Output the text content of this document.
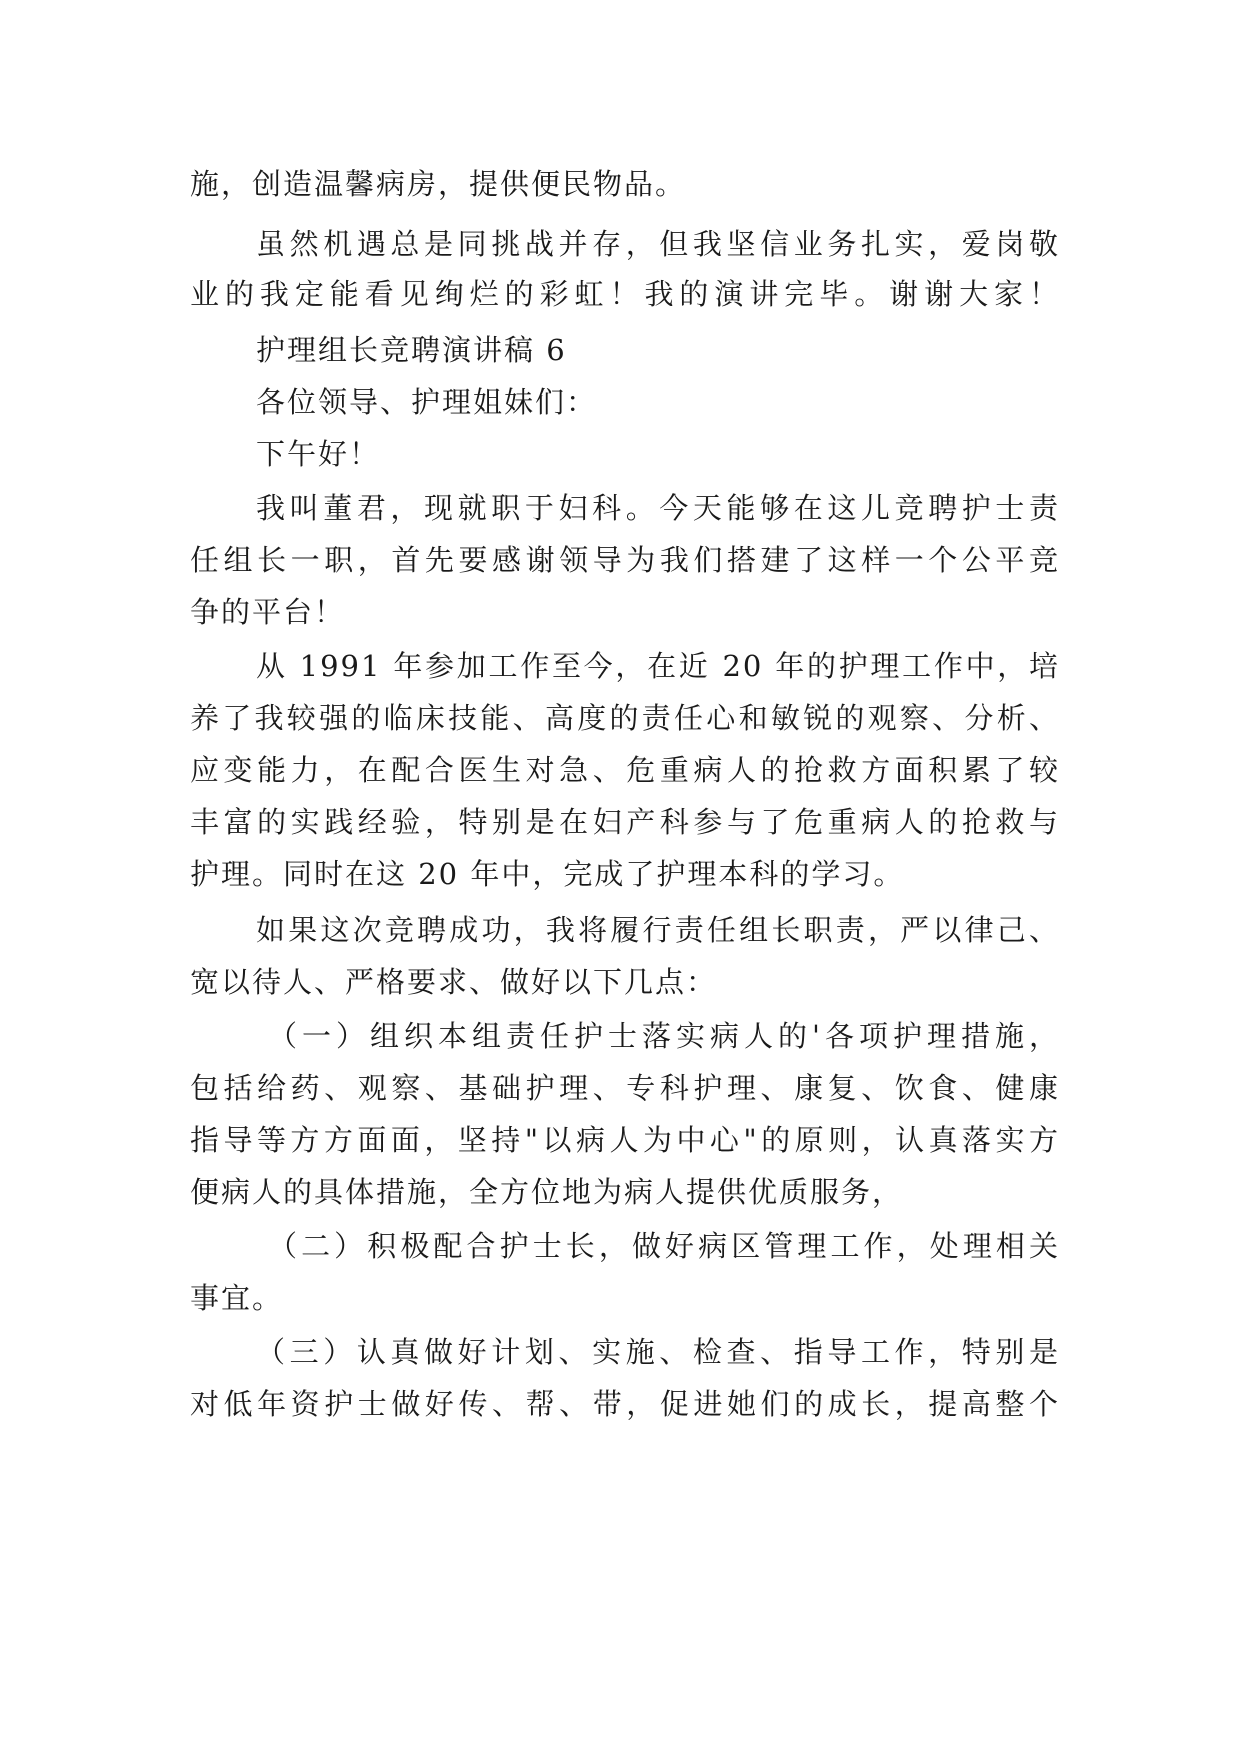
施，创造温馨病房，提供便民物品。
虽然机遇总是同挑战并存，但我坚信业务扎实，爱岗敬
业的我定能看见绚烂的彩虹！我的演讲完毕。谢谢大家！
护理组长竞聘演讲稿 6
各位领导、护理姐妹们：
下午好！
我叫董君，现就职于妇科。今天能够在这儿竞聘护士责
任组长一职，首先要感谢领导为我们搭建了这样一个公平竞
争的平台！
从 1991 年参加工作至今，在近 20 年的护理工作中，培
养了我较强的临床技能、高度的责任心和敏锐的观察、分析、
应变能力，在配合医生对急、危重病人的抢救方面积累了较
丰富的实践经验，特别是在妇产科参与了危重病人的抢救与
护理。同时在这 20 年中，完成了护理本科的学习。
如果这次竞聘成功，我将履行责任组长职责，严以律己、
宽以待人、严格要求、做好以下几点：
（一）组织本组责任护士落实病人的'各项护理措施，
包括给药、观察、基础护理、专科护理、康复、饮食、健康
指导等方方面面，坚持"以病人为中心"的原则，认真落实方
便病人的具体措施，全方位地为病人提供优质服务，
（二）积极配合护士长，做好病区管理工作，处理相关
事宜。
（三）认真做好计划、实施、检查、指导工作，特别是
对低年资护士做好传、帮、带，促进她们的成长，提高整个
